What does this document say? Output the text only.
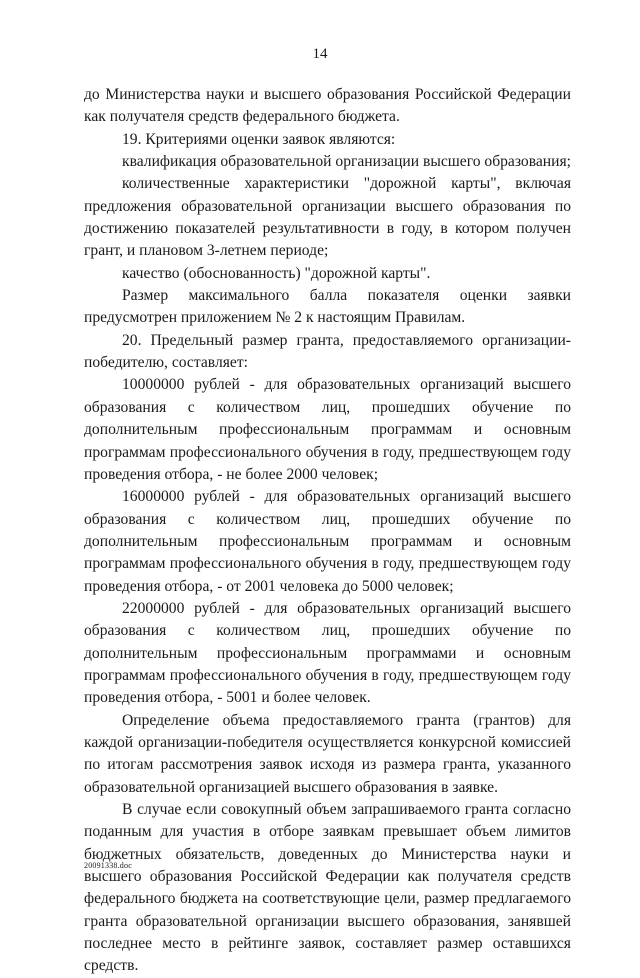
14

до Министерства науки и высшего образования Российской Федерации как получателя средств федерального бюджета.

19. Критериями оценки заявок являются:

квалификация образовательной организации высшего образования;

количественные характеристики "дорожной карты", включая предложения образовательной организации высшего образования по достижению показателей результативности в году, в котором получен грант, и плановом 3-летнем периоде;

качество (обоснованность) "дорожной карты".

Размер максимального балла показателя оценки заявки предусмотрен приложением № 2 к настоящим Правилам.

20. Предельный размер гранта, предоставляемого организации-победителю, составляет:

10000000 рублей - для образовательных организаций высшего образования с количеством лиц, прошедших обучение по дополнительным профессиональным программам и основным программам профессионального обучения в году, предшествующем году проведения отбора, - не более 2000 человек;

16000000 рублей - для образовательных организаций высшего образования с количеством лиц, прошедших обучение по дополнительным профессиональным программам и основным программам профессионального обучения в году, предшествующем году проведения отбора, - от 2001 человека до 5000 человек;

22000000 рублей - для образовательных организаций высшего образования с количеством лиц, прошедших обучение по дополнительным профессиональным программами и основным программам профессионального обучения в году, предшествующем году проведения отбора, - 5001 и более человек.

Определение объема предоставляемого гранта (грантов) для каждой организации-победителя осуществляется конкурсной комиссией по итогам рассмотрения заявок исходя из размера гранта, указанного образовательной организацией высшего образования в заявке.

В случае если совокупный объем запрашиваемого гранта согласно поданным для участия в отборе заявкам превышает объем лимитов бюджетных обязательств, доведенных до Министерства науки и высшего образования Российской Федерации как получателя средств федерального бюджета на соответствующие цели, размер предлагаемого гранта образовательной организации высшего образования, занявшей последнее место в рейтинге заявок, составляет размер оставшихся средств.

20091338.doc
